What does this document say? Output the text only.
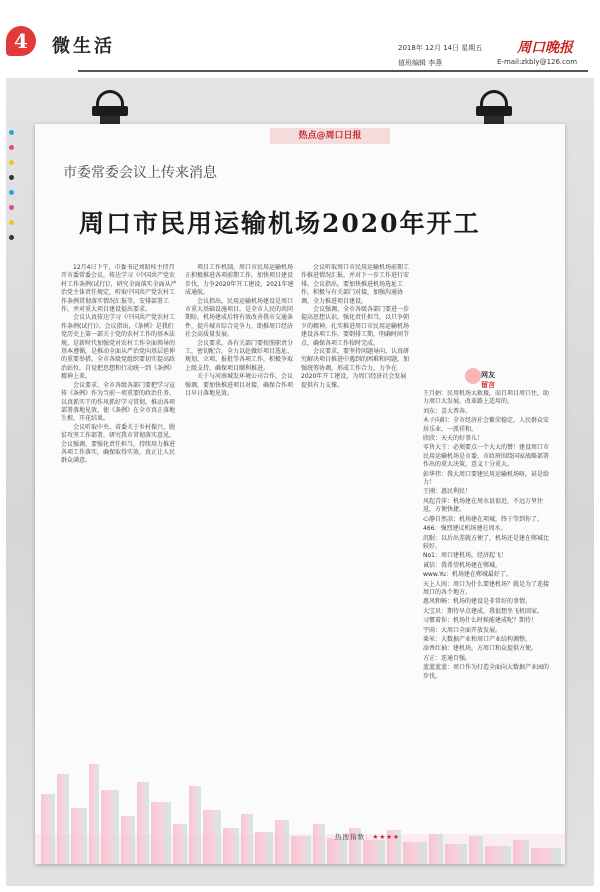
4	微生活	2018年 12月 14日 星期五
值班编辑 李燕
周口晚报
E-mail:zkbly@126.com
热点@周口日报
市委常委会议上传来消息
周口市民用运输机场2020年开工

12月4日下午，市委书记刘昭桂主持召开市委常委会议，传达学习《中国共产党农村工作条例(试行)》，研究全面落实全面从严治党主体责任规定，听取中国共产党农村工作条例贯彻落实情况汇报等，安排部署工作，并对重大项目建设提出要求。

会议认真传达学习《中国共产党农村工作条例(试行)》。会议指出，《条例》是我们党历史上第一部关于党的农村工作的基本法规，是新时代加强党对农村工作全面领导的基本遵循，是推动全面从严治党向基层延伸的重要举措。全市各级党组织要切实提高政治站位，自觉把思想和行动统一到《条例》精神上来。

会议要求，全市各级各部门要把学习宣传《条例》作为当前一项重要的政治任务，以真抓实干的作风抓好学习贯彻，推动各项部署落地见效，使《条例》在全市真正落地生根、开花结果。

会议听取中央、省委关于乡村振兴、脱贫攻坚工作部署，研究我市贯彻落实意见。会议强调，要强化责任担当，持续用力推进各项工作落实，确保取得实效，真正让人民群众满意。

项目工作机制，周口市民用运输机场正积极推进各项前期工作，加快项目建设步伐，力争2020年开工建设，2021年建成通航。

会议指出，民用运输机场建设是周口市重大基础设施项目，是全市人民的共同期盼。机场建成后将有效改善我市交通条件，提升城市综合竞争力，助推周口经济社会高质量发展。

会议要求，各有关部门要按照职责分工，密切配合，全力以赴做好项目选址、规划、立项、报批等各项工作，积极争取上级支持，确保项目顺利推进。

关于与河南城发环境公司合作，会议强调，要加快推进项目对接，确保合作项目早日落地见效。

会议听取周口市民用运输机场前期工作推进情况汇报，并对下一步工作进行安排。会议指出，要加快推进机场选址工作，积极与有关部门对接，加强沟通协调，全力推进项目建设。

会议强调，全市各级各部门要进一步提高思想认识，强化责任担当，以只争朝夕的精神，扎实推进周口市民用运输机场建设各项工作。要倒排工期，明确时间节点，确保各项工作按时完成。

会议要求，要坚持问题导向，认真研究解决项目推进中遇到的困难和问题，加强统筹协调，形成工作合力，力争在2020年开工建设，为周口经济社会发展提供有力支撑。

网友
留言

王月娟：民用机场大救援，而且项目周口住，助力周口大发展，改革路上适用的。

刘东：喜大普奔。

木子向阳：全市经济社会繁荣稳定，人民群众安居乐业，一派祥和。

欣欣：天天的好事儿！

零售大王：必须要点一个大大的赞！建设周口市民用运输机场是市委、市政府围绕国家战略部署作出的重大决策，意义十分重大。

彭华伟：我大周口要建民用运输机场咯，甚是给力！

王刚：惠民利民！

风起青萍：机场建在周水县很近，不远万里往返，方便快捷。

心静自然凉：机场建在项城，终于等到你了。

466：强烈建议机场建在周水。

沉眠：以后出差就方便了，机场还是建在郸城比较好。

No1：周口建机场，经济起飞！

诚信：我希望机场建在郸城。

www.Yu：机场建在郸城最好了。

天上人间：周口为什么要建机场？就是为了连接周口的各个地方。

惠风和畅：机场的建设是非常好的事情。

大宝贝：期待早点建成，我很想坐飞机回家。

习惯着你：机场什么时候能建成呢？期待！

宇雨：大周口全面开放发展。

莱米：大数据产业和周口产业结构调整。

添香红袖：建机场，方周口和众提供方便。

方正：连通百强。

蓝蓝蓝蓝：周口作为打造全面向大数据产业园的步伐。

热搜指数：★★★★
